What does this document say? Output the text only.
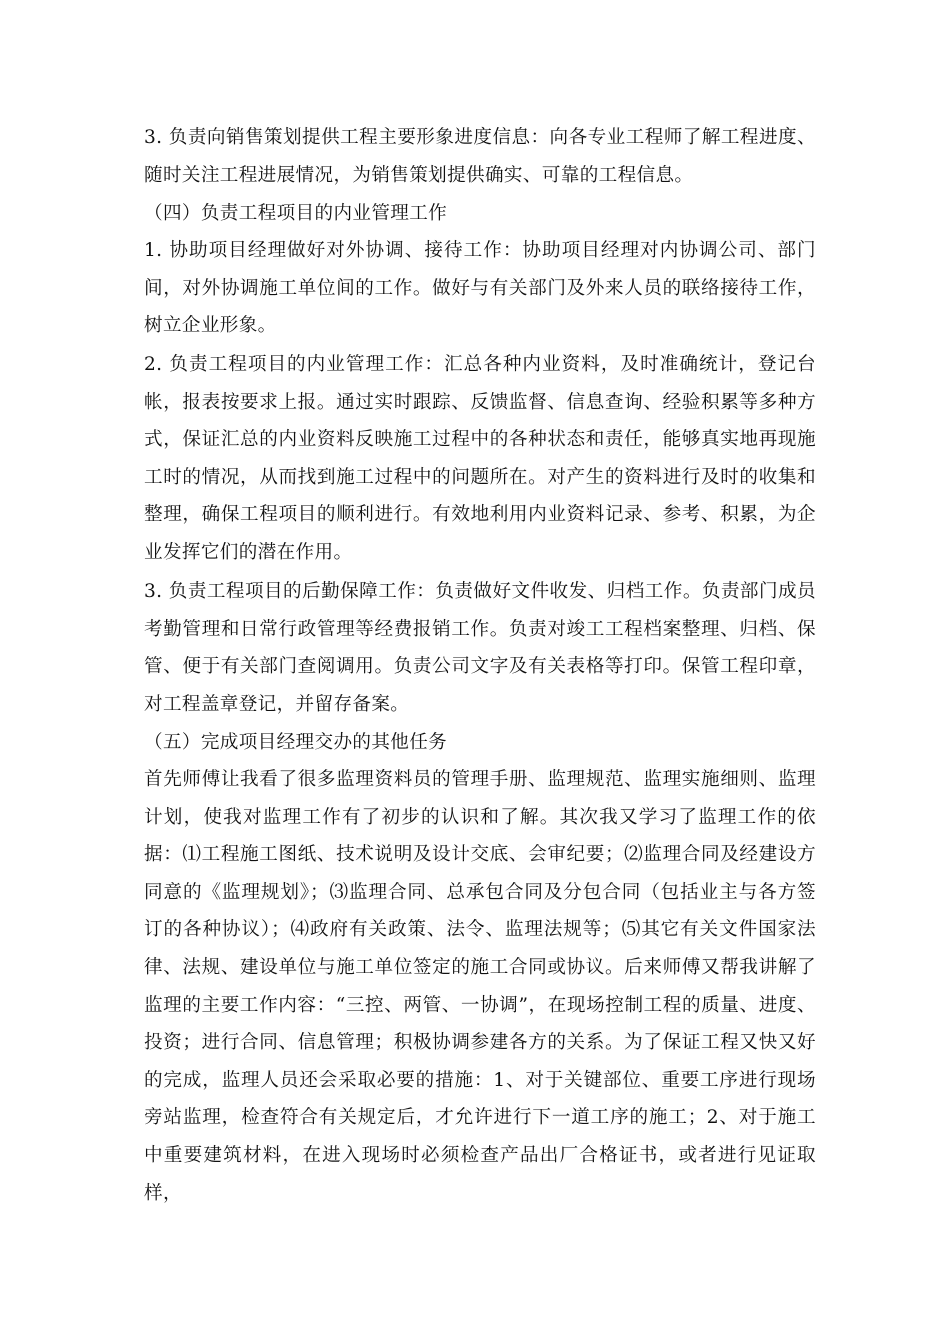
3. 负责向销售策划提供工程主要形象进度信息：向各专业工程师了解工程进度、随时关注工程进展情况，为销售策划提供确实、可靠的工程信息。

（四）负责工程项目的内业管理工作

1. 协助项目经理做好对外协调、接待工作：协助项目经理对内协调公司、部门间，对外协调施工单位间的工作。做好与有关部门及外来人员的联络接待工作，树立企业形象。

2. 负责工程项目的内业管理工作：汇总各种内业资料，及时准确统计，登记台帐，报表按要求上报。通过实时跟踪、反馈监督、信息查询、经验积累等多种方式，保证汇总的内业资料反映施工过程中的各种状态和责任，能够真实地再现施工时的情况，从而找到施工过程中的问题所在。对产生的资料进行及时的收集和整理，确保工程项目的顺利进行。有效地利用内业资料记录、参考、积累，为企业发挥它们的潜在作用。

3. 负责工程项目的后勤保障工作：负责做好文件收发、归档工作。负责部门成员考勤管理和日常行政管理等经费报销工作。负责对竣工工程档案整理、归档、保管、便于有关部门查阅调用。负责公司文字及有关表格等打印。保管工程印章，对工程盖章登记，并留存备案。

（五）完成项目经理交办的其他任务

首先师傅让我看了很多监理资料员的管理手册、监理规范、监理实施细则、监理计划，使我对监理工作有了初步的认识和了解。其次我又学习了监理工作的依据：⑴工程施工图纸、技术说明及设计交底、会审纪要；⑵监理合同及经建设方同意的《监理规划》；⑶监理合同、总承包合同及分包合同（包括业主与各方签订的各种协议）；⑷政府有关政策、法令、监理法规等；⑸其它有关文件国家法律、法规、建设单位与施工单位签定的施工合同或协议。后来师傅又帮我讲解了监理的主要工作内容：“三控、两管、一协调”，在现场控制工程的质量、进度、投资；进行合同、信息管理；积极协调参建各方的关系。为了保证工程又快又好的完成，监理人员还会采取必要的措施：1、对于关键部位、重要工序进行现场旁站监理，检查符合有关规定后，才允许进行下一道工序的施工；2、对于施工中重要建筑材料，在进入现场时必须检查产品出厂合格证书，或者进行见证取样，
